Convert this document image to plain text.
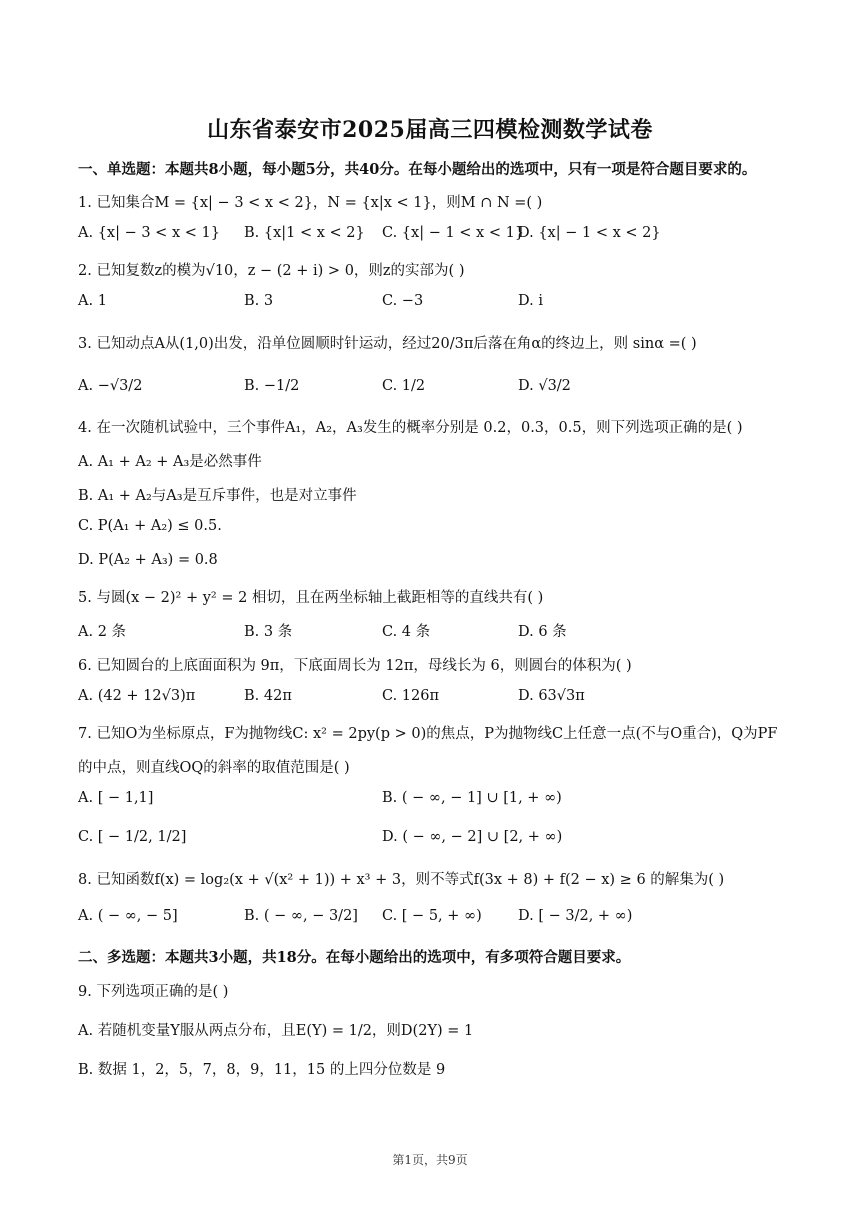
山东省泰安市2025届高三四模检测数学试卷
一、单选题：本题共8小题，每小题5分，共40分。在每小题给出的选项中，只有一项是符合题目要求的。
1. 已知集合M = {x| − 3 < x < 2}，N = {x|x < 1}，则M ∩ N =( )
A. {x| − 3 < x < 1} B. {x|1 < x < 2} C. {x| − 1 < x < 1}
D. {x| − 1 < x < 2}
2. 已知复数z的模为√10，z − (2 + i) > 0，则z的实部为( )
A. 1	B. 3	C. −3	D. i
3. 已知动点A从(1,0)出发，沿单位圆顺时针运动，经过20/3π后落在角α的终边上，则 sinα =( )
A. −√3/2	B. −1/2	C. 1/2	D. √3/2
4. 在一次随机试验中，三个事件A₁，A₂，A₃发生的概率分别是 0.2，0.3，0.5，则下列选项正确的是( )
A. A₁ + A₂ + A₃是必然事件
B. A₁ + A₂与A₃是互斥事件，也是对立事件
C. P(A₁ + A₂) ≤ 0.5.
D. P(A₂ + A₃) = 0.8
5. 与圆(x − 2)² + y² = 2 相切，且在两坐标轴上截距相等的直线共有( )
A. 2 条	B. 3 条	C. 4 条	D. 6 条
6. 已知圆台的上底面面积为 9π，下底面周长为 12π，母线长为 6，则圆台的体积为( )
A. (42 + 12√3)π	B. 42π	C. 126π	D. 63√3π
7. 已知O为坐标原点，F为抛物线C: x² = 2py(p > 0)的焦点，P为抛物线C上任意一点(不与O重合)，Q为PF
的中点，则直线OQ的斜率的取值范围是( )
A. [ − 1,1]	B. ( − ∞, − 1] ∪ [1, + ∞)
C. [ − 1/2, 1/2]	D. ( − ∞, − 2] ∪ [2, + ∞)
8. 已知函数f(x) = log₂(x + √(x² + 1)) + x³ + 3，则不等式f(3x + 8) + f(2 − x) ≥ 6 的解集为( )
A. ( − ∞, − 5]	B. ( − ∞, − 3/2] C. [ − 5, + ∞) D. [ − 3/2, + ∞)
二、多选题：本题共3小题，共18分。在每小题给出的选项中，有多项符合题目要求。
9. 下列选项正确的是( )
A. 若随机变量Y服从两点分布，且E(Y) = 1/2，则D(2Y) = 1
B. 数据 1，2，5，7，8，9，11，15 的上四分位数是 9
第1页，共9页
